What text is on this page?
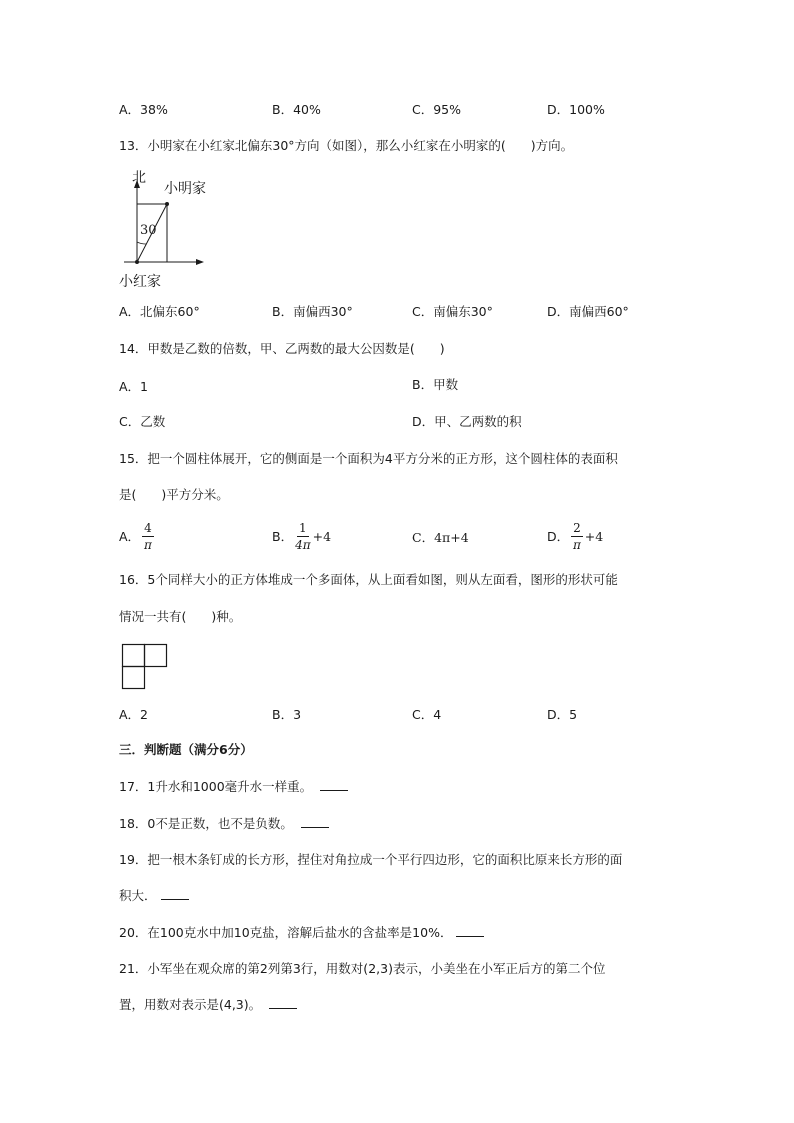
A．38%	B．40%	C．95%	D．100%
13．小明家在小红家北偏东30°方向（如图），那么小红家在小明家的(　　)方向。
30
北
小明家
小红家
A．北偏东60°	B．南偏西30°	C．南偏东30°	D．南偏西60°
14．甲数是乙数的倍数，甲、乙两数的最大公因数是(　　)
A．1	B．甲数
C．乙数	D．甲、乙两数的积
15．把一个圆柱体展开，它的侧面是一个面积为4平方分米的正方形，这个圆柱体的表面积
是(　　)平方分米。
A． $\frac{4}{\pi}$	B． $\frac{1}{4\pi} +4$	C．4π+4	D． $\frac{2}{\pi} +4$
16．5个同样大小的正方体堆成一个多面体，从上面看如图，则从左面看，图形的形状可能
情况一共有(　　)种。
A．2	B．3	C．4	D．5
三．判断题（满分6分）
17．1升水和1000毫升水一样重。
18．0不是正数，也不是负数。
19．把一根木条钉成的长方形，捏住对角拉成一个平行四边形，它的面积比原来长方形的面
积大．
20．在100克水中加10克盐，溶解后盐水的含盐率是10%．
21．小军坐在观众席的第2列第3行，用数对(2,3)表示，小美坐在小军正后方的第二个位
置，用数对表示是(4,3)。
